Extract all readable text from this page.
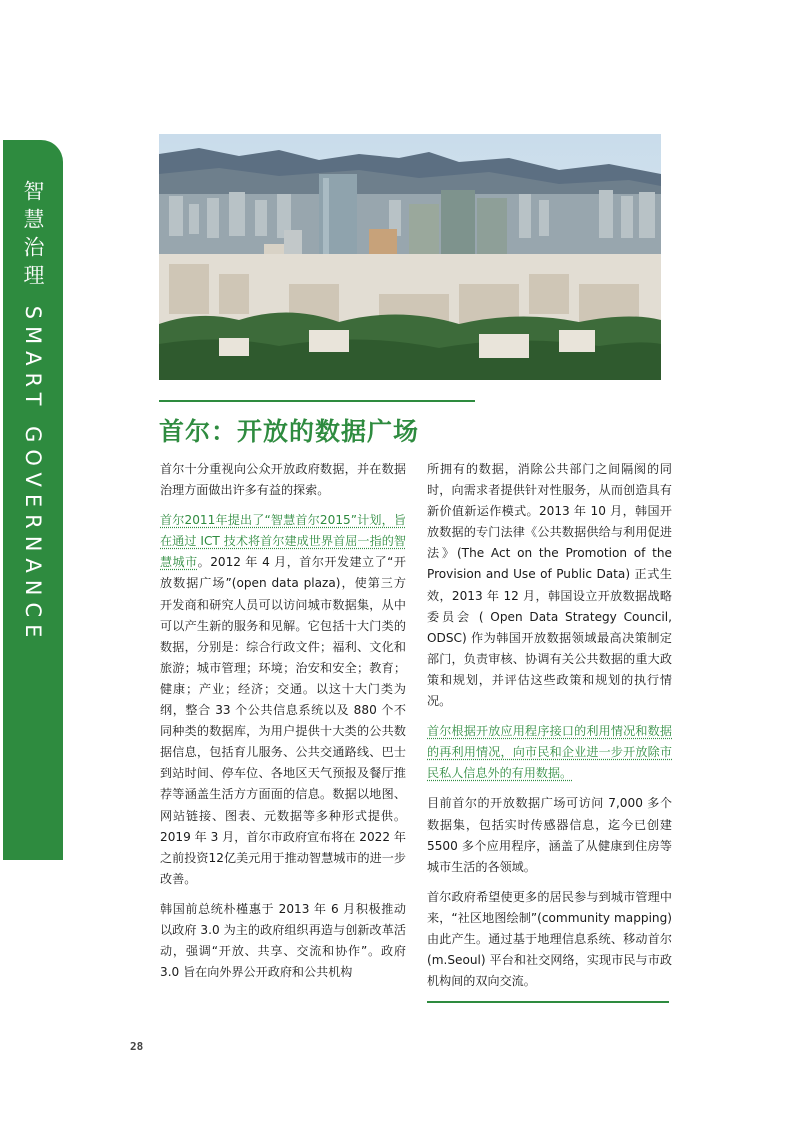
智慧治理 SMART GOVERNANCE	首尔：开放的数据广场

首尔十分重视向公众开放政府数据，并在数据治理方面做出许多有益的探索。

首尔2011年提出了“智慧首尔2015”计划，旨在通过 ICT 技术将首尔建成世界首屈一指的智慧城市。2012 年 4 月，首尔开发建立了“开放数据广场”(open data plaza)，使第三方开发商和研究人员可以访问城市数据集，从中可以产生新的服务和见解。它包括十大门类的数据，分别是：综合行政文件；福利、文化和旅游；城市管理；环境；治安和安全；教育；健康；产业；经济；交通。以这十大门类为纲，整合 33 个公共信息系统以及 880 个不同种类的数据库，为用户提供十大类的公共数据信息，包括育儿服务、公共交通路线、巴士到站时间、停车位、各地区天气预报及餐厅推荐等涵盖生活方方面面的信息。数据以地图、网站链接、图表、元数据等多种形式提供。2019 年 3 月，首尔市政府宣布将在 2022 年之前投资12亿美元用于推动智慧城市的进一步改善。

韩国前总统朴槿惠于 2013 年 6 月积极推动以政府 3.0 为主的政府组织再造与创新改革活动，强调“开放、共享、交流和协作”。政府 3.0 旨在向外界公开政府和公共机构

所拥有的数据，消除公共部门之间隔阂的同时，向需求者提供针对性服务，从而创造具有新价值新运作模式。2013 年 10 月，韩国开放数据的专门法律《公共数据供给与利用促进法》(The Act on the Promotion of the Provision and Use of Public Data) 正式生效，2013 年 12 月，韩国设立开放数据战略委员会 ( Open Data Strategy Council, ODSC) 作为韩国开放数据领域最高决策制定部门，负责审核、协调有关公共数据的重大政策和规划，并评估这些政策和规划的执行情况。

首尔根据开放应用程序接口的利用情况和数据的再利用情况，向市民和企业进一步开放除市民私人信息外的有用数据。

目前首尔的开放数据广场可访问 7,000 多个数据集，包括实时传感器信息，迄今已创建 5500 多个应用程序，涵盖了从健康到住房等城市生活的各领域。

首尔政府希望使更多的居民参与到城市管理中来，“社区地图绘制”(community mapping)由此产生。通过基于地理信息系统、移动首尔 (m.Seoul) 平台和社交网络，实现市民与市政机构间的双向交流。

28
